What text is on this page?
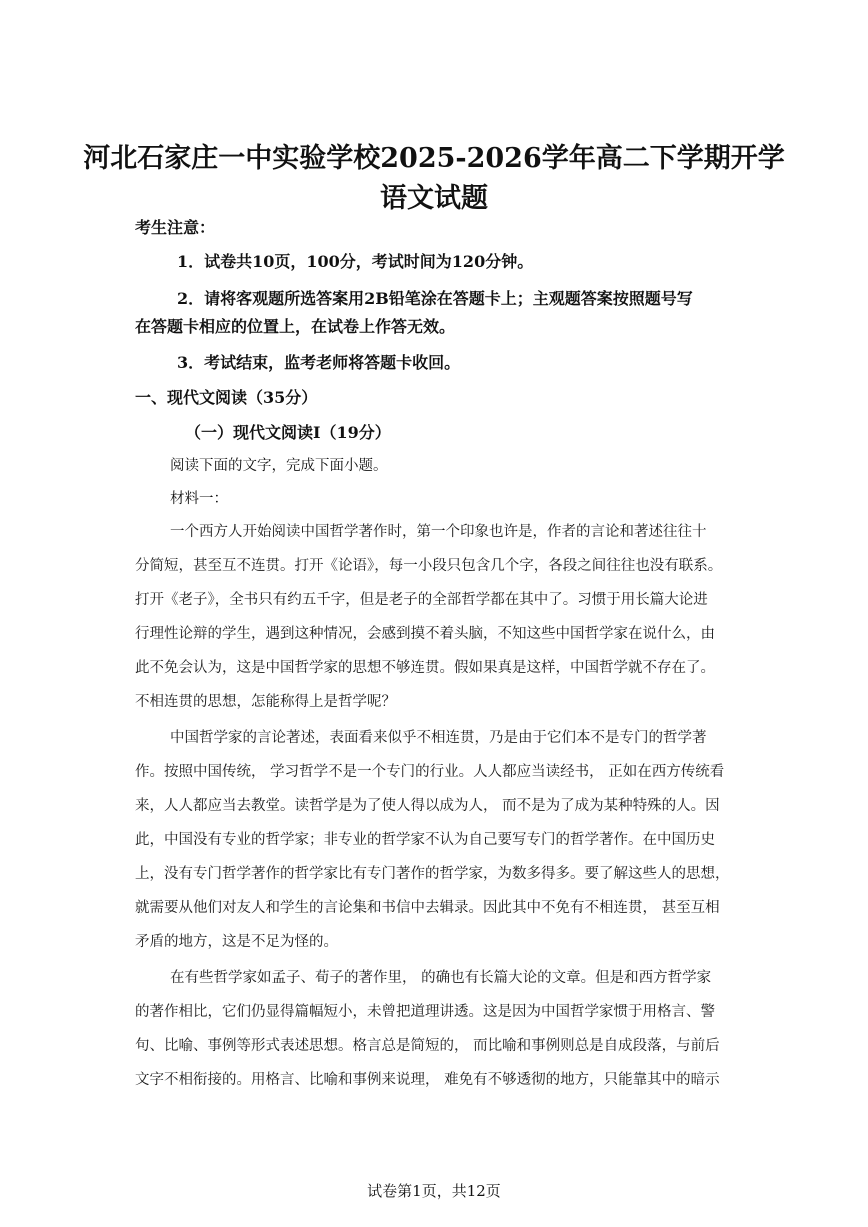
河北石家庄一中实验学校2025-2026学年高二下学期开学
语文试题
考生注意：
1．试卷共10页，100分，考试时间为120分钟。
2．请将客观题所选答案用2B铅笔涂在答题卡上；主观题答案按照题号写
在答题卡相应的位置上，在试卷上作答无效。
3．考试结束，监考老师将答题卡收回。
一、现代文阅读（35分）
（一）现代文阅读I（19分）
阅读下面的文字，完成下面小题。
材料一：
一个西方人开始阅读中国哲学著作时，第一个印象也许是，作者的言论和著述往往十
分简短，甚至互不连贯。打开《论语》，每一小段只包含几个字，各段之间往往也没有联系。
打开《老子》，全书只有约五千字，但是老子的全部哲学都在其中了。习惯于用长篇大论进
行理性论辩的学生，遇到这种情况，会感到摸不着头脑，不知这些中国哲学家在说什么，由
此不免会认为，这是中国哲学家的思想不够连贯。假如果真是这样，中国哲学就不存在了。
不相连贯的思想，怎能称得上是哲学呢？
中国哲学家的言论著述，表面看来似乎不相连贯，乃是由于它们本不是专门的哲学著
作。按照中国传统， 学习哲学不是一个专门的行业。人人都应当读经书， 正如在西方传统看
来，人人都应当去教堂。读哲学是为了使人得以成为人， 而不是为了成为某种特殊的人。因
此，中国没有专业的哲学家；非专业的哲学家不认为自己要写专门的哲学著作。在中国历史
上，没有专门哲学著作的哲学家比有专门著作的哲学家，为数多得多。要了解这些人的思想，
就需要从他们对友人和学生的言论集和书信中去辑录。因此其中不免有不相连贯， 甚至互相
矛盾的地方，这是不足为怪的。
在有些哲学家如孟子、荀子的著作里， 的确也有长篇大论的文章。但是和西方哲学家
的著作相比，它们仍显得篇幅短小，未曾把道理讲透。这是因为中国哲学家惯于用格言、警
句、比喻、事例等形式表述思想。格言总是简短的， 而比喻和事例则总是自成段落，与前后
文字不相衔接的。用格言、比喻和事例来说理， 难免有不够透彻的地方，只能靠其中的暗示
试卷第1页，共12页
